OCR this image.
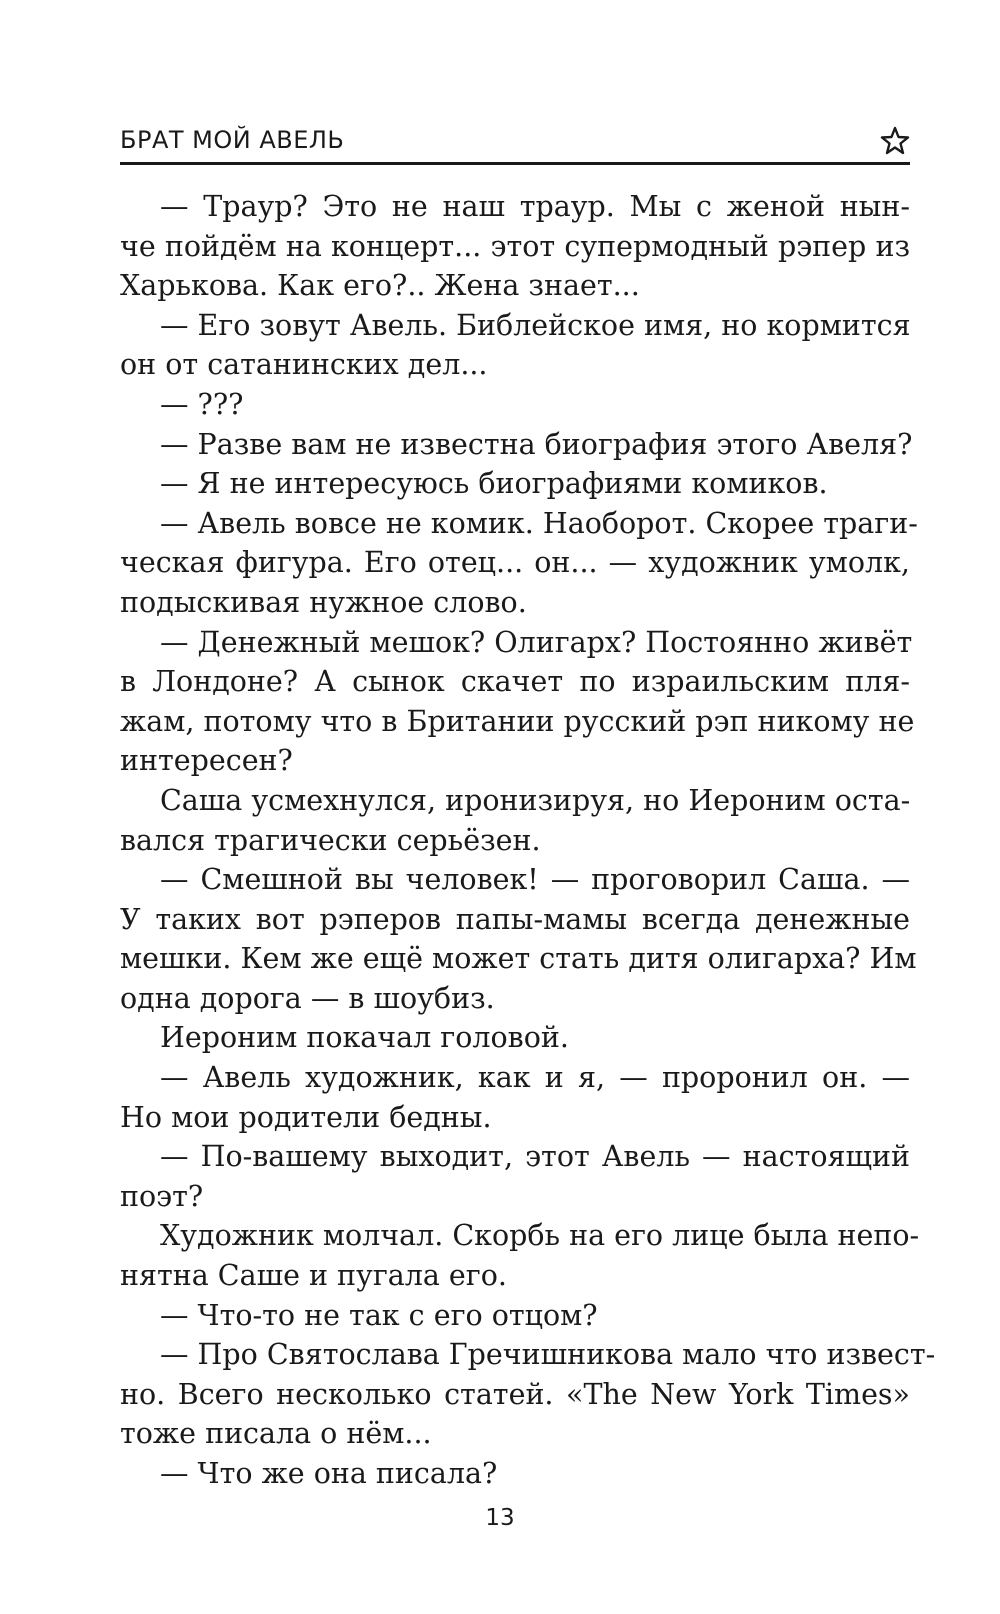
БРАТ МОЙ АВЕЛЬ
— Траур? Это не наш траур. Мы с женой нын-
че пойдём на концерт... этот супермодный рэпер из
Харькова. Как его?.. Жена знает...
— Его зовут Авель. Библейское имя, но кормится
он от сатанинских дел...
— ???
— Разве вам не известна биография этого Авеля?
— Я не интересуюсь биографиями комиков.
— Авель вовсе не комик. Наоборот. Скорее траги-
ческая фигура. Его отец... он... — художник умолк,
подыскивая нужное слово.
— Денежный мешок? Олигарх? Постоянно живёт
в Лондоне? А сынок скачет по израильским пля-
жам, потому что в Британии русский рэп никому не
интересен?
Саша усмехнулся, иронизируя, но Иероним оста-
вался трагически серьёзен.
— Смешной вы человек! — проговорил Саша. —
У таких вот рэперов папы-мамы всегда денежные
мешки. Кем же ещё может стать дитя олигарха? Им
одна дорога — в шоубиз.
Иероним покачал головой.
— Авель художник, как и я, — проронил он. —
Но мои родители бедны.
— По-вашему выходит, этот Авель — настоящий
поэт?
Художник молчал. Скорбь на его лице была непо-
нятна Саше и пугала его.
— Что-то не так с его отцом?
— Про Святослава Гречишникова мало что извест-
но. Всего несколько статей. «The New York Times»
тоже писала о нём...
— Что же она писала?
13
